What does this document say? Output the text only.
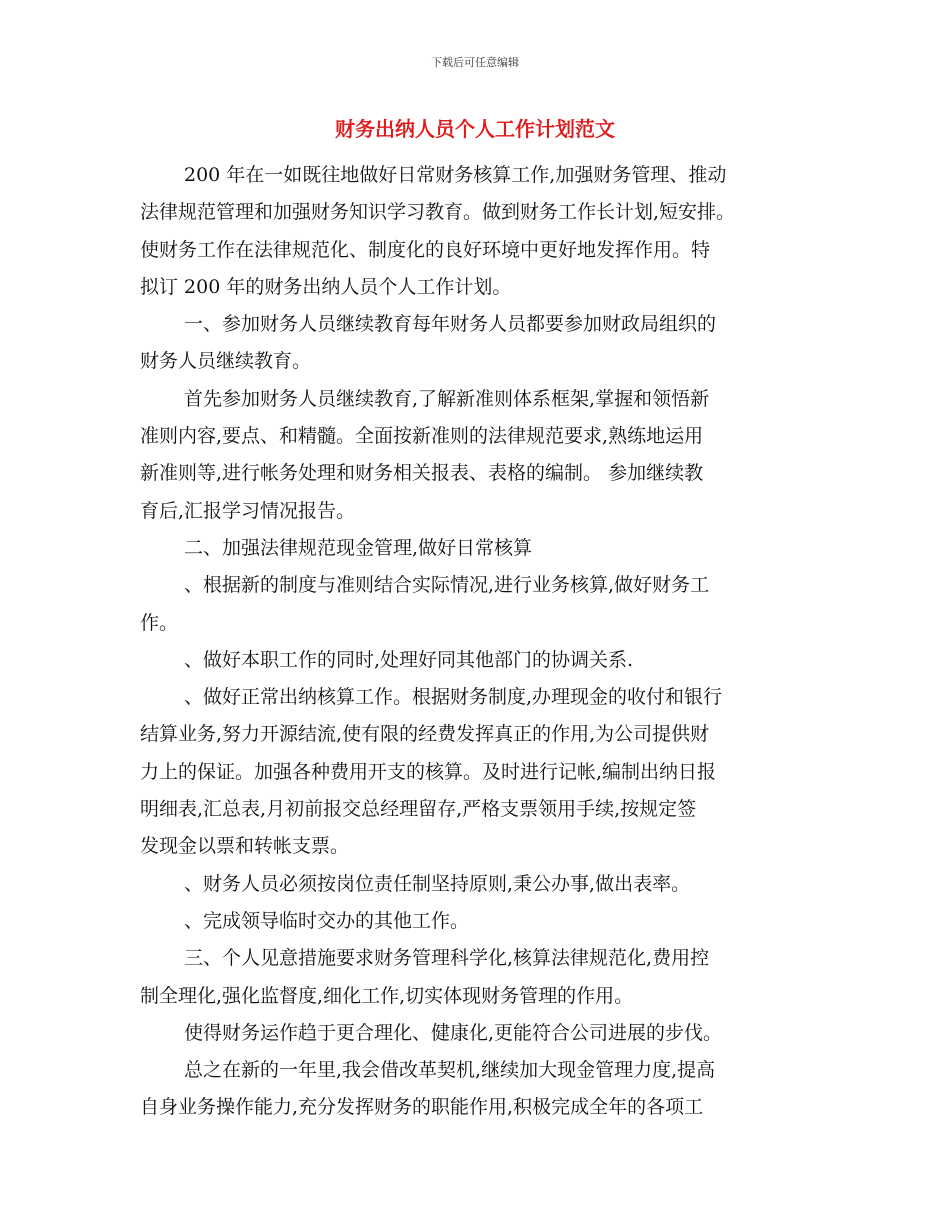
下载后可任意编辑
财务出纳人员个人工作计划范文
200 年在一如既往地做好日常财务核算工作,加强财务管理、推动
法律规范管理和加强财务知识学习教育。做到财务工作长计划,短安排。
使财务工作在法律规范化、制度化的良好环境中更好地发挥作用。特
拟订 200 年的财务出纳人员个人工作计划。
一、参加财务人员继续教育每年财务人员都要参加财政局组织的
财务人员继续教育。
首先参加财务人员继续教育,了解新准则体系框架,掌握和领悟新
准则内容,要点、和精髓。全面按新准则的法律规范要求,熟练地运用
新准则等,进行帐务处理和财务相关报表、表格的编制。 参加继续教
育后,汇报学习情况报告。
二、加强法律规范现金管理,做好日常核算
、根据新的制度与准则结合实际情况,进行业务核算,做好财务工
作。
、做好本职工作的同时,处理好同其他部门的协调关系.
、做好正常出纳核算工作。根据财务制度,办理现金的收付和银行
结算业务,努力开源结流,使有限的经费发挥真正的作用,为公司提供财
力上的保证。加强各种费用开支的核算。及时进行记帐,编制出纳日报
明细表,汇总表,月初前报交总经理留存,严格支票领用手续,按规定签
发现金以票和转帐支票。
、财务人员必须按岗位责任制坚持原则,秉公办事,做出表率。
、完成领导临时交办的其他工作。
三、个人见意措施要求财务管理科学化,核算法律规范化,费用控
制全理化,强化监督度,细化工作,切实体现财务管理的作用。
使得财务运作趋于更合理化、健康化,更能符合公司进展的步伐。
总之在新的一年里,我会借改革契机,继续加大现金管理力度,提高
自身业务操作能力,充分发挥财务的职能作用,积极完成全年的各项工
